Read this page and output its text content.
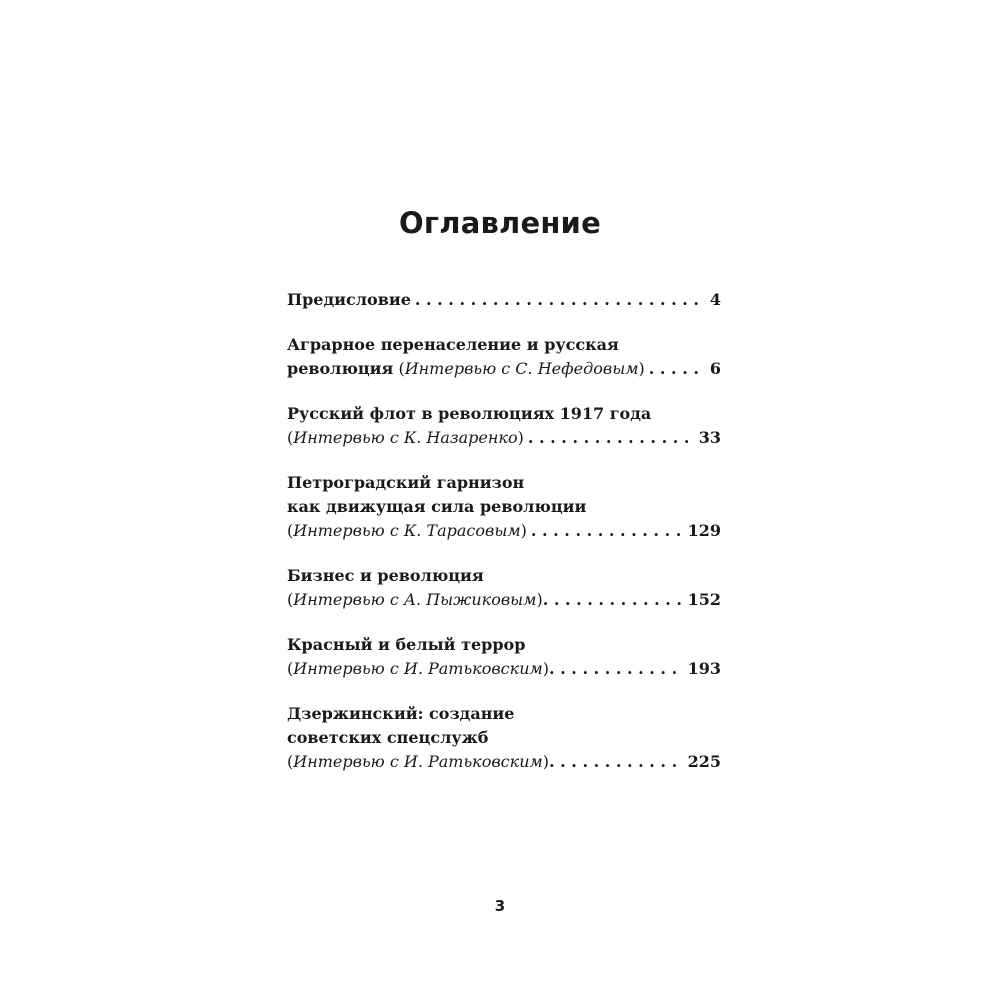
Оглавление
Предисловие . . .	4
Аграрное перенаселение и русская
революция ( Интервью с С. Нефедовым ) . . .	6
Русский флот в революциях 1917 года
( Интервью с К. Назаренко ) . . .	33
Петроградский гарнизон
как движущая сила революции
( Интервью с К. Тарасовым ) . . .	129
Бизнес и революция
( Интервью с А. Пыжиковым ) . . .	152
Красный и белый террор
( Интервью с И. Ратьковским ) . . .	193
Дзержинский: создание
советских спецслужб
( Интервью с И. Ратьковским ) . . .	225
3
